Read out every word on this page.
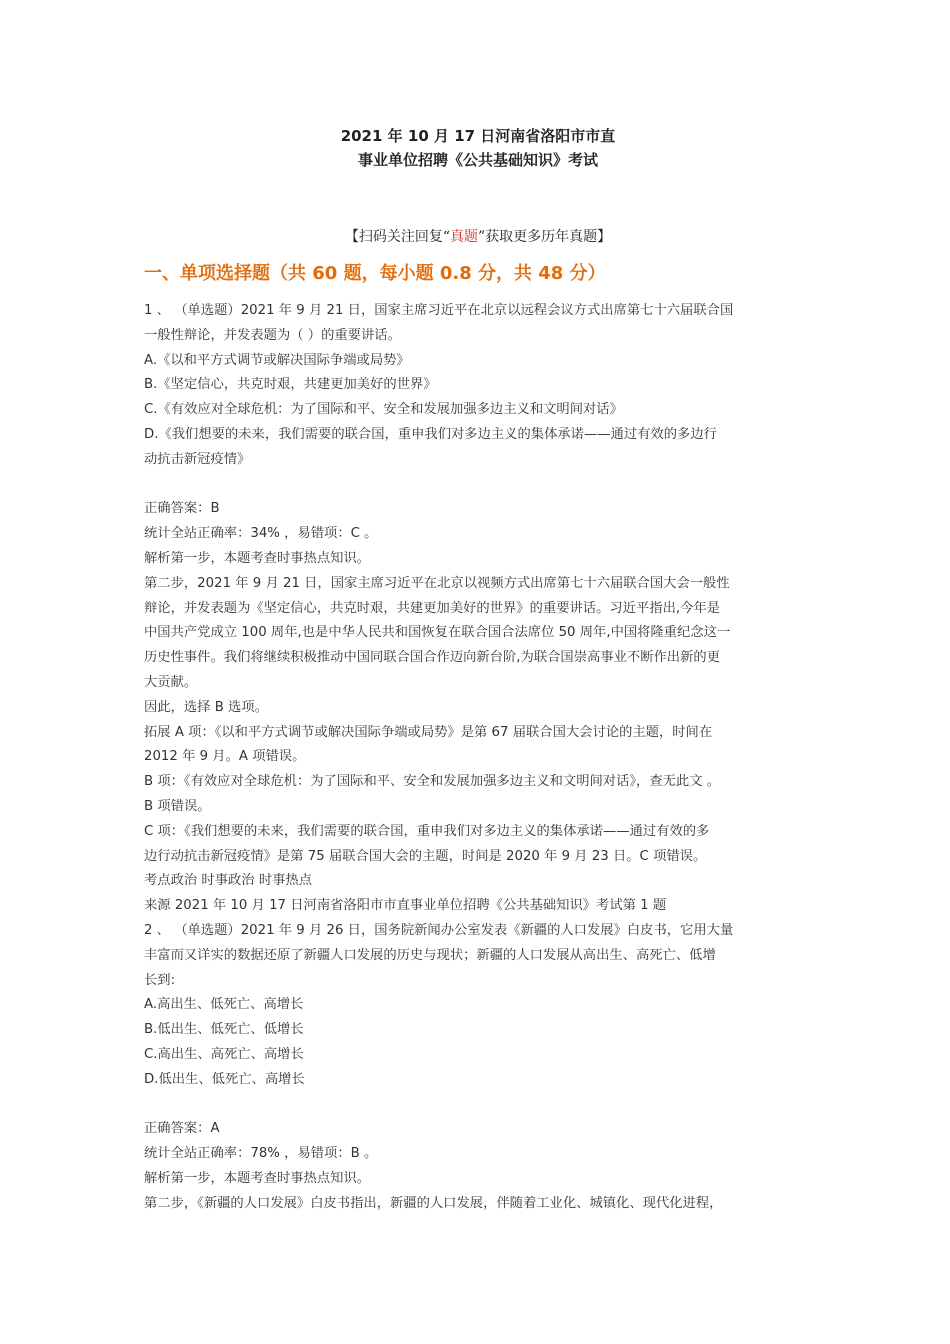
2021 年 10 月 17 日河南省洛阳市市直

事业单位招聘《公共基础知识》考试

【扫码关注回复“真题”获取更多历年真题】
一、单项选择题（共 60 题，每小题 0.8 分，共 48 分）

1 、 （单选题）2021 年 9 月 21 日，国家主席习近平在北京以远程会议方式出席第七十六届联合国

一般性辩论，并发表题为（ ）的重要讲话。

A.《以和平方式调节或解决国际争端或局势》

B.《坚定信心，共克时艰，共建更加美好的世界》

C.《有效应对全球危机：为了国际和平、安全和发展加强多边主义和文明间对话》

D.《我们想要的未来，我们需要的联合国，重申我们对多边主义的集体承诺——通过有效的多边行

动抗击新冠疫情》

正确答案：B

统计全站正确率：34% ，易错项：C 。

解析第一步，本题考查时事热点知识。

第二步，2021 年 9 月 21 日，国家主席习近平在北京以视频方式出席第七十六届联合国大会一般性

辩论，并发表题为《坚定信心，共克时艰，共建更加美好的世界》的重要讲话。习近平指出,今年是

中国共产党成立 100 周年,也是中华人民共和国恢复在联合国合法席位 50 周年,中国将隆重纪念这一

历史性事件。我们将继续积极推动中国同联合国合作迈向新台阶,为联合国崇高事业不断作出新的更

大贡献。

因此，选择 B 选项。

拓展 A 项：《以和平方式调节或解决国际争端或局势》是第 67 届联合国大会讨论的主题，时间在

2012 年 9 月。A 项错误。

B 项：《有效应对全球危机：为了国际和平、安全和发展加强多边主义和文明间对话》，查无此文 。

B 项错误。

C 项：《我们想要的未来，我们需要的联合国，重申我们对多边主义的集体承诺——通过有效的多

边行动抗击新冠疫情》是第 75 届联合国大会的主题，时间是 2020 年 9 月 23 日。C 项错误。

考点政治 时事政治 时事热点

来源 2021 年 10 月 17 日河南省洛阳市市直事业单位招聘《公共基础知识》考试第 1 题

2 、 （单选题）2021 年 9 月 26 日，国务院新闻办公室发表《新疆的人口发展》白皮书，它用大量

丰富而又详实的数据还原了新疆人口发展的历史与现状；新疆的人口发展从高出生、高死亡、低增

长到:

A.高出生、低死亡、高增长

B.低出生、低死亡、低增长

C.高出生、高死亡、高增长

D.低出生、低死亡、高增长

正确答案：A

统计全站正确率：78% ，易错项：B 。

解析第一步，本题考查时事热点知识。

第二步，《新疆的人口发展》白皮书指出，新疆的人口发展，伴随着工业化、城镇化、现代化进程，
